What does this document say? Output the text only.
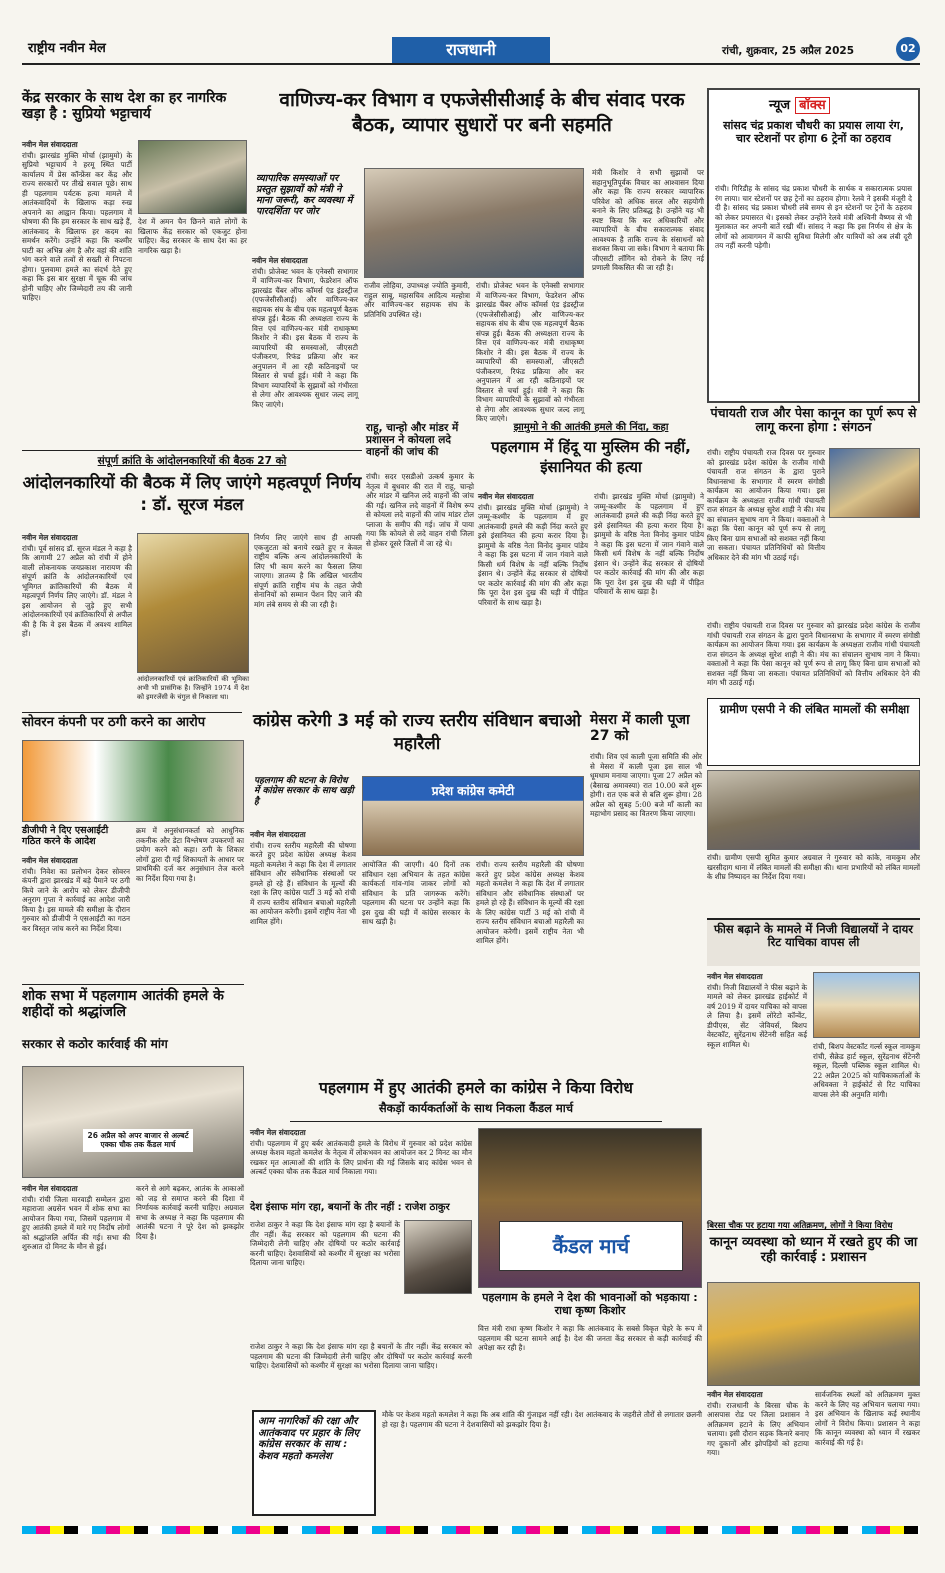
राष्ट्रीय नवीन मेल	राजधानी	रांची, शुक्रवार, 25 अप्रैल 2025	02
केंद्र सरकार के साथ देश का हर नागरिक खड़ा है : सुप्रियो भट्टाचार्य
नवीन मेल संवाददाता
रांची। झारखंड मुक्ति मोर्चा (झामुमो) के सुप्रियो भट्टाचार्य ने हरमू स्थित पार्टी कार्यालय में प्रेस कॉन्फ्रेंस कर केंद्र और राज्य सरकारों पर तीखे सवाल पूछे। साथ ही पहलगाम पर्यटक हत्या मामले में आतंकवादियों के खिलाफ कड़ा रुख अपनाने का आह्वान किया। पहलगाम में घोषणा की कि हम सरकार के साथ खड़े हैं, आतंकवाद के खिलाफ हर कदम का समर्थन करेंगे। उन्होंने कहा कि कश्मीर घाटी का अभिन्न अंग है और वहां की शांति भंग करने वाले तत्वों से सख्ती से निपटना होगा। पुलवामा हमले का संदर्भ देते हुए कहा कि इस बार सुरक्षा में चूक की जांच होनी चाहिए और जिम्मेदारी तय की जानी चाहिए।
देश में अमन चैन छिनने वाले लोगों के खिलाफ केंद्र सरकार को एकजुट होना चाहिए। केंद्र सरकार के साथ देश का हर नागरिक खड़ा है।
वाणिज्य-कर विभाग व एफजेसीसीआई के बीच संवाद परक बैठक, व्यापार सुधारों पर बनी सहमति
व्यापारिक समस्याओं पर प्रस्तुत सुझावों को मंत्री ने माना जरूरी, कर व्यवस्था में पारदर्शिता पर जोर
नवीन मेल संवाददाता
रांची। प्रोजेक्ट भवन के एनेक्सी सभागार में वाणिज्य-कर विभाग, फेडरेशन ऑफ झारखंड चैंबर ऑफ कॉमर्स एंड इंडस्ट्रीज (एफजेसीसीआई) और वाणिज्य-कर सहायक संघ के बीच एक महत्वपूर्ण बैठक संपन्न हुई। बैठक की अध्यक्षता राज्य के वित्त एवं वाणिज्य-कर मंत्री राधाकृष्ण किशोर ने की। इस बैठक में राज्य के व्यापारियों की समस्याओं, जीएसटी पंजीकरण, रिफंड प्रक्रिया और कर अनुपालन में आ रही कठिनाइयों पर विस्तार से चर्चा हुई। मंत्री ने कहा कि विभाग व्यापारियों के सुझावों को गंभीरता से लेगा और आवश्यक सुधार जल्द लागू किए जाएंगे।
राजीव लोहिया, उपाध्यक्ष ज्योति कुमारी, राहुल साबू, महासचिव आदित्य मल्होत्रा और वाणिज्य-कर सहायक संघ के प्रतिनिधि उपस्थित रहे।
रांची। प्रोजेक्ट भवन के एनेक्सी सभागार में वाणिज्य-कर विभाग, फेडरेशन ऑफ झारखंड चैंबर ऑफ कॉमर्स एंड इंडस्ट्रीज (एफजेसीसीआई) और वाणिज्य-कर सहायक संघ के बीच एक महत्वपूर्ण बैठक संपन्न हुई। बैठक की अध्यक्षता राज्य के वित्त एवं वाणिज्य-कर मंत्री राधाकृष्ण किशोर ने की। इस बैठक में राज्य के व्यापारियों की समस्याओं, जीएसटी पंजीकरण, रिफंड प्रक्रिया और कर अनुपालन में आ रही कठिनाइयों पर विस्तार से चर्चा हुई। मंत्री ने कहा कि विभाग व्यापारियों के सुझावों को गंभीरता से लेगा और आवश्यक सुधार जल्द लागू किए जाएंगे।
मंत्री किशोर ने सभी सुझावों पर सहानुभूतिपूर्वक विचार का आश्वासन दिया और कहा कि राज्य सरकार व्यापारिक परिवेश को अधिक सरल और सहयोगी बनाने के लिए प्रतिबद्ध है। उन्होंने यह भी स्पष्ट किया कि कर अधिकारियों और व्यापारियों के बीच सकारात्मक संवाद आवश्यक है ताकि राज्य के संसाधनों को सशक्त किया जा सके। विभाग ने बताया कि जीएसटी लॉगिन को रोकने के लिए नई प्रणाली विकसित की जा रही है।
न्यूज बॉक्स
सांसद चंद्र प्रकाश चौधरी का प्रयास लाया रंग, चार स्टेशनों पर होगा 6 ट्रेनों का ठहराव
रांची। गिरिडीह के सांसद चंद्र प्रकाश चौधरी के सार्थक व सकारात्मक प्रयास रंग लाया। चार स्टेशनों पर छह ट्रेनों का ठहराव होगा। रेलवे ने इसकी मंजूरी दे दी है। सांसद चंद्र प्रकाश चौधरी लंबे समय से इन स्टेशनों पर ट्रेनों के ठहराव को लेकर प्रयासरत थे। इसको लेकर उन्होंने रेलवे मंत्री अश्विनी वैष्णव से भी मुलाकात कर अपनी बातें रखी थीं। सांसद ने कहा कि इस निर्णय से क्षेत्र के लोगों को आवागमन में काफी सुविधा मिलेगी और यात्रियों को अब लंबी दूरी तय नहीं करनी पड़ेगी।
पंचायती राज और पेसा कानून का पूर्ण रूप से लागू करना होगा : संगठन
रांची। राष्ट्रीय पंचायती राज दिवस पर गुरुवार को झारखंड प्रदेश कांग्रेस के राजीव गांधी पंचायती राज संगठन के द्वारा पुराने विधानसभा के सभागार में स्मरण संगोष्ठी कार्यक्रम का आयोजन किया गया। इस कार्यक्रम के अध्यक्षता राजीव गांधी पंचायती राज संगठन के अध्यक्ष सुरेश शाही ने की। मंच का संचालन सुभाष नाग ने किया। वक्ताओं ने कहा कि पेसा कानून को पूर्ण रूप से लागू किए बिना ग्राम सभाओं को सशक्त नहीं किया जा सकता। पंचायत प्रतिनिधियों को वित्तीय अधिकार देने की मांग भी उठाई गई।
रांची। राष्ट्रीय पंचायती राज दिवस पर गुरुवार को झारखंड प्रदेश कांग्रेस के राजीव गांधी पंचायती राज संगठन के द्वारा पुराने विधानसभा के सभागार में स्मरण संगोष्ठी कार्यक्रम का आयोजन किया गया। इस कार्यक्रम के अध्यक्षता राजीव गांधी पंचायती राज संगठन के अध्यक्ष सुरेश शाही ने की। मंच का संचालन सुभाष नाग ने किया। वक्ताओं ने कहा कि पेसा कानून को पूर्ण रूप से लागू किए बिना ग्राम सभाओं को सशक्त नहीं किया जा सकता। पंचायत प्रतिनिधियों को वित्तीय अधिकार देने की मांग भी उठाई गई।
ग्रामीण एसपी ने की लंबित मामलों की समीक्षा
रांची। ग्रामीण एसपी सुमित कुमार अग्रवाल ने गुरुवार को कांके, नामकुम और खरसीदाग थाना में लंबित मामलों की समीक्षा की। थाना प्रभारियों को लंबित मामलों के शीघ्र निष्पादन का निर्देश दिया गया।
संपूर्ण क्रांति के आंदोलनकारियों की बैठक 27 को
आंदोलनकारियों की बैठक में लिए जाएंगे महत्वपूर्ण निर्णय : डॉ. सूरज मंडल
नवीन मेल संवाददाता
रांची। पूर्व सांसद डॉ. सूरज मंडल ने कहा है कि आगामी 27 अप्रैल को रांची में होने वाली लोकनायक जयप्रकाश नारायण की संपूर्ण क्रांति के आंदोलनकारियों एवं भूमिगत क्रांतिकारियों की बैठक में महत्वपूर्ण निर्णय लिए जाएंगे। डॉ. मंडल ने इस आयोजन से जुड़े हुए सभी आंदोलनकारियों एवं क्रांतिकारियों से अपील की है कि वे इस बैठक में अवश्य शामिल हों।
आंदोलनकारियों एवं क्रांतिकारियों की भूमिका अभी भी प्रासंगिक है। जिन्होंने 1974 में देश को इमरजेंसी के चंगुल से निकाला था।
निर्णय लिए जाएंगे साथ ही आपसी एकजुटता को बनाये रखते हुए न केवल राष्ट्रीय बल्कि अन्य आंदोलनकारियों के लिए भी काम करने का फैसला लिया जाएगा। ज्ञातव्य है कि अखिल भारतीय संपूर्ण क्रांति राष्ट्रीय मंच के तहत जेपी सेनानियों को सम्मान पेंशन दिए जाने की मांग लंबे समय से की जा रही है।
राहू, चान्हो और मांडर में प्रशासन ने कोयला लदे वाहनों की जांच की
रांची। सदर एसडीओ उत्कर्ष कुमार के नेतृत्व में बुधवार की रात में राहू, चान्हो और मांडर में खनिज लदे वाहनों की जांच की गई। खनिज लदे वाहनों में विशेष रूप से कोयला लदे वाहनों की जांच मांडर टोल प्लाजा के समीप की गई। जांच में पाया गया कि कोयले से लदे वाहन रांची जिला से होकर दूसरे जिलों में जा रहे थे।
झामुमो ने की आतंकी हमले की निंदा, कहा
पहलगाम में हिंदू या मुस्लिम की नहीं, इंसानियत की हत्या
नवीन मेल संवाददाता
रांची। झारखंड मुक्ति मोर्चा (झामुमो) ने जम्मू-कश्मीर के पहलगाम में हुए आतंकवादी हमले की कड़ी निंदा करते हुए इसे इंसानियत की हत्या करार दिया है। झामुमो के वरिष्ठ नेता विनोद कुमार पांडेय ने कहा कि इस घटना में जान गंवाने वाले किसी धर्म विशेष के नहीं बल्कि निर्दोष इंसान थे। उन्होंने केंद्र सरकार से दोषियों पर कठोर कार्रवाई की मांग की और कहा कि पूरा देश इस दुख की घड़ी में पीड़ित परिवारों के साथ खड़ा है।
रांची। झारखंड मुक्ति मोर्चा (झामुमो) ने जम्मू-कश्मीर के पहलगाम में हुए आतंकवादी हमले की कड़ी निंदा करते हुए इसे इंसानियत की हत्या करार दिया है। झामुमो के वरिष्ठ नेता विनोद कुमार पांडेय ने कहा कि इस घटना में जान गंवाने वाले किसी धर्म विशेष के नहीं बल्कि निर्दोष इंसान थे। उन्होंने केंद्र सरकार से दोषियों पर कठोर कार्रवाई की मांग की और कहा कि पूरा देश इस दुख की घड़ी में पीड़ित परिवारों के साथ खड़ा है।
सोवरन कंपनी पर ठगी करने का आरोप
डीजीपी ने दिए एसआईटी गठित करने के आदेश
नवीन मेल संवाददाता
रांची। निवेश का प्रलोभन देकर सोवरन कंपनी द्वारा झारखंड में बड़े पैमाने पर ठगी किये जाने के आरोप को लेकर डीजीपी अनुराग गुप्ता ने कार्रवाई का आदेश जारी किया है। इस मामले की समीक्षा के दौरान गुरुवार को डीजीपी ने एसआईटी का गठन कर विस्तृत जांच करने का निर्देश दिया।
क्रम में अनुसंधानकर्ता को आधुनिक तकनीक और डेटा विश्लेषण उपकरणों का प्रयोग करने को कहा। ठगी के शिकार लोगों द्वारा दी गई शिकायतों के आधार पर प्राथमिकी दर्ज कर अनुसंधान तेज करने का निर्देश दिया गया है।
कांग्रेस करेगी 3 मई को राज्य स्तरीय संविधान बचाओ महारैली
पहलगाम की घटना के विरोध में कांग्रेस सरकार के साथ खड़ी है
नवीन मेल संवाददाता
रांची। राज्य स्तरीय महारैली की घोषणा करते हुए प्रदेश कांग्रेस अध्यक्ष केशव महतो कमलेश ने कहा कि देश में लगातार संविधान और संवैधानिक संस्थाओं पर हमले हो रहे हैं। संविधान के मूल्यों की रक्षा के लिए कांग्रेस पार्टी 3 मई को रांची में राज्य स्तरीय संविधान बचाओ महारैली का आयोजन करेगी। इसमें राष्ट्रीय नेता भी शामिल होंगे।
प्रदेश कांग्रेस कमेटी
आयोजित की जाएगी। 40 दिनों तक संविधान रक्षा अभियान के तहत कांग्रेस कार्यकर्ता गांव-गांव जाकर लोगों को संविधान के प्रति जागरूक करेंगे। पहलगाम की घटना पर उन्होंने कहा कि इस दुख की घड़ी में कांग्रेस सरकार के साथ खड़ी है।
रांची। राज्य स्तरीय महारैली की घोषणा करते हुए प्रदेश कांग्रेस अध्यक्ष केशव महतो कमलेश ने कहा कि देश में लगातार संविधान और संवैधानिक संस्थाओं पर हमले हो रहे हैं। संविधान के मूल्यों की रक्षा के लिए कांग्रेस पार्टी 3 मई को रांची में राज्य स्तरीय संविधान बचाओ महारैली का आयोजन करेगी। इसमें राष्ट्रीय नेता भी शामिल होंगे।
मेसरा में काली पूजा 27 को
रांची। शिव एवं काली पूजा समिति की ओर से मेसरा में काली पूजा इस साल भी धूमधाम मनाया जाएगा। पूजा 27 अप्रैल को (बैसाख अमावस्या) रात 10.00 बजे शुरू होगी। रात एक बजे से बलि शुरू होगा। 28 अप्रैल को सुबह 5:00 बजे माँ काली का महाभोग प्रसाद का वितरण किया जाएगा।
फीस बढ़ाने के मामले में निजी विद्यालयों ने दायर रिट याचिका वापस ली
नवीन मेल संवाददाता
रांची। निजी विद्यालयों ने फीस बढ़ाने के मामले को लेकर झारखंड हाईकोर्ट में वर्ष 2019 में दायर याचिका को वापस ले लिया है। इसमें लोरेटो कॉन्वेंट, डीपीएस, सेंट जेवियर्स, बिशप वेस्टकॉट, सुरेंद्रनाथ सेंटेनरी सहित कई स्कूल शामिल थे।	रांची, बिशप वेस्टकॉट गर्ल्स स्कूल नामकुम रांची, सैक्रेड हार्ट स्कूल, सुरेंद्रनाथ सेंटेनरी स्कूल, दिल्ली पब्लिक स्कूल शामिल थे। 22 अप्रैल 2025 को याचिकाकर्ताओं के अधिवक्ता ने हाईकोर्ट से रिट याचिका वापस लेने की अनुमति मांगी।
बिरसा चौक पर हटाया गया अतिक्रमण, लोगों ने किया विरोध
कानून व्यवस्था को ध्यान में रखते हुए की जा रही कार्रवाई : प्रशासन
नवीन मेल संवाददाता
रांची। राजधानी के बिरसा चौक के आसपास रोड पर जिला प्रशासन ने अतिक्रमण हटाने के लिए अभियान चलाया। इसी दौरान सड़क किनारे बनाए गए दुकानों और झोपड़ियों को हटाया गया।
सार्वजनिक स्थलों को अतिक्रमण मुक्त करने के लिए यह अभियान चलाया गया। इस अभियान के खिलाफ कई स्थानीय लोगों ने विरोध किया। प्रशासन ने कहा कि कानून व्यवस्था को ध्यान में रखकर कार्रवाई की गई है।
शोक सभा में पहलगाम आतंकी हमले के शहीदों को श्रद्धांजलि
सरकार से कठोर कार्रवाई की मांग
26 अप्रैल को अपर बाजार से अल्बर्ट एक्का चौक तक कैंडल मार्च
नवीन मेल संवाददाता
रांची। रांची जिला मारवाड़ी सम्मेलन द्वारा महाराजा अग्रसेन भवन में शोक सभा का आयोजन किया गया, जिसमें पहलगाम में हुए आतंकी हमले में मारे गए निर्दोष लोगों को श्रद्धांजलि अर्पित की गई। सभा की शुरुआत दो मिनट के मौन से हुई।
करने से आगे बढ़कर, आतंक के आकाओं को जड़ से समाप्त करने की दिशा में निर्णायक कार्रवाई करनी चाहिए। अग्रवाल सभा के अध्यक्ष ने कहा कि पहलगाम की आतंकी घटना ने पूरे देश को झकझोर दिया है।
पहलगाम में हुए आतंकी हमले का कांग्रेस ने किया विरोध
सैकड़ों कार्यकर्ताओं के साथ निकला कैंडल मार्च
नवीन मेल संवाददाता
रांची। पहलगाम में हुए बर्बर आतंकवादी हमले के विरोध में गुरुवार को प्रदेश कांग्रेस अध्यक्ष केशव महतो कमलेश के नेतृत्व में लोकभवन का आयोजन कर 2 मिनट का मौन रखकर मृत आत्माओं की शांति के लिए प्रार्थना की गई जिसके बाद कांग्रेस भवन से अल्बर्ट एक्का चौक तक कैंडल मार्च निकाला गया।
देश इंसाफ मांग रहा, बयानों के तीर नहीं : राजेश ठाकुर
राजेश ठाकुर ने कहा कि देश इंसाफ मांग रहा है बयानों के तीर नहीं। केंद्र सरकार को पहलगाम की घटना की जिम्मेदारी लेनी चाहिए और दोषियों पर कठोर कार्रवाई करनी चाहिए। देशवासियों को कश्मीर में सुरक्षा का भरोसा दिलाया जाना चाहिए।
राजेश ठाकुर ने कहा कि देश इंसाफ मांग रहा है बयानों के तीर नहीं। केंद्र सरकार को पहलगाम की घटना की जिम्मेदारी लेनी चाहिए और दोषियों पर कठोर कार्रवाई करनी चाहिए। देशवासियों को कश्मीर में सुरक्षा का भरोसा दिलाया जाना चाहिए।
कैंडल मार्च
पहलगाम के हमले ने देश की भावनाओं को भड़काया : राधा कृष्ण किशोर
वित्त मंत्री राधा कृष्ण किशोर ने कहा कि आतंकवाद के सबसे विकृत चेहरे के रूप में पहलगाम की घटना सामने आई है। देश की जनता केंद्र सरकार से कड़ी कार्रवाई की अपेक्षा कर रही है।
आम नागरिकों की रक्षा और आतंकवाद पर प्रहार के लिए कांग्रेस सरकार के साथ : केशव महतो कमलेश
मौके पर केशव महतो कमलेश ने कहा कि अब शांति की गुंजाइश नहीं रही। देश आतंकवाद के जहरीले तौरों से लगातार छलनी हो रहा है। पहलगाम की घटना ने देशवासियों को झकझोर दिया है।
